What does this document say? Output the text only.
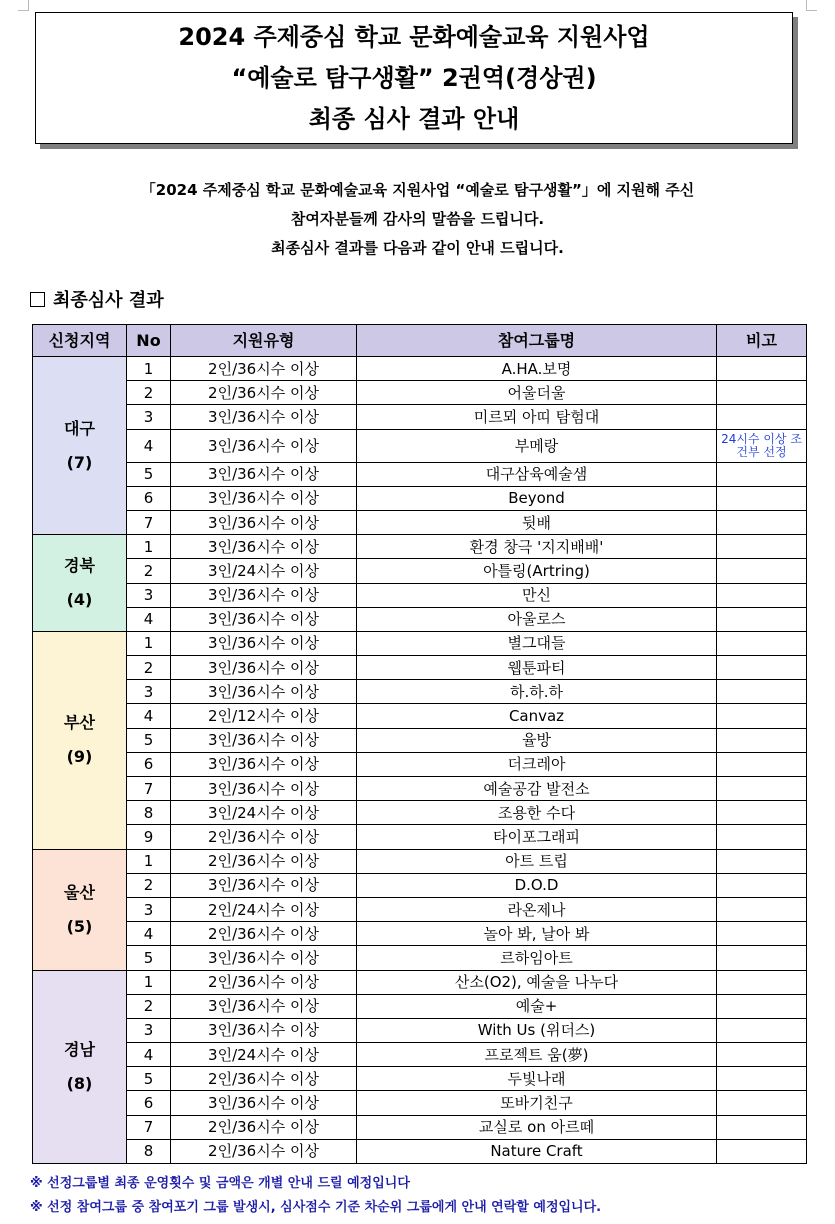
2024 주제중심 학교 문화예술교육 지원사업
“예술로 탐구생활” 2권역(경상권)
최종 심사 결과 안내
「2024 주제중심 학교 문화예술교육 지원사업 “예술로 탐구생활”」에 지원해 주신
참여자분들께 감사의 말씀을 드립니다.
최종심사 결과를 다음과 같이 안내 드립니다.
최종심사 결과
신청지역	No	지원유형	참여그룹명	비고

대구
(7)	1	2인/36시수 이상	A.HA.보명	
	2	2인/36시수 이상	어울더울	
	3	3인/36시수 이상	미르뫼 아띠 탐험대	
	4	3인/36시수 이상	부메랑	24시수 이상 조건부 선정
	5	3인/36시수 이상	대구삼육예술샘	
	6	3인/36시수 이상	Beyond	
	7	3인/36시수 이상	뒷배	

경북
(4)	1	3인/36시수 이상	환경 창극 '지지배배'	
	2	3인/24시수 이상	아틀링(Artring)	
	3	3인/36시수 이상	만신	
	4	3인/36시수 이상	아울로스	

부산
(9)	1	3인/36시수 이상	별그대들	
	2	3인/36시수 이상	웹툰파티	
	3	3인/36시수 이상	하.하.하	
	4	2인/12시수 이상	Canvaz	
	5	3인/36시수 이상	율방	
	6	3인/36시수 이상	더크레아	
	7	3인/36시수 이상	예술공감 발전소	
	8	3인/24시수 이상	조용한 수다	
	9	2인/36시수 이상	타이포그래피	

울산
(5)	1	2인/36시수 이상	아트 트립	
	2	3인/36시수 이상	D.O.D	
	3	2인/24시수 이상	라온제나	
	4	2인/36시수 이상	놀아 봐, 날아 봐	
	5	3인/36시수 이상	르하임아트	

경남
(8)	1	2인/36시수 이상	산소(O2), 예술을 나누다	
	2	3인/36시수 이상	예술+	
	3	3인/36시수 이상	With Us (위더스)	
	4	3인/24시수 이상	프로젝트 움(夢)	
	5	2인/36시수 이상	두빛나래	
	6	3인/36시수 이상	또바기친구	
	7	2인/36시수 이상	교실로 on 아르떼	
	8	2인/36시수 이상	Nature Craft	
※ 선정그룹별 최종 운영횟수 및 금액은 개별 안내 드릴 예정입니다
※ 선정 참여그룹 중 참여포기 그룹 발생시, 심사점수 기준 차순위 그룹에게 안내 연락할 예정입니다.
